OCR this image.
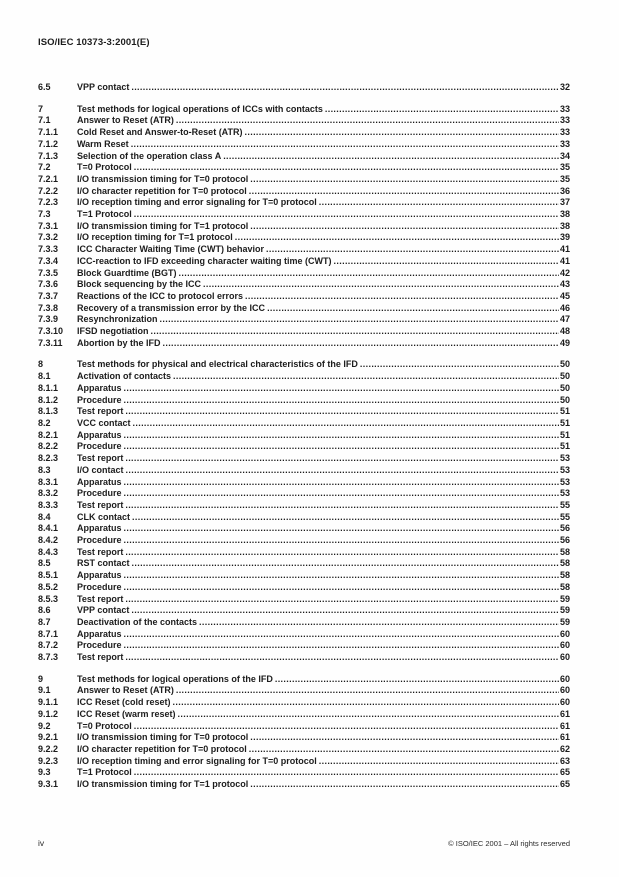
ISO/IEC 10373-3:2001(E)
6.5	VPP contact .....	32
7	Test methods for logical operations of ICCs with contacts .....	33
7.1	Answer to Reset (ATR) .....	33
7.1.1	Cold Reset and Answer-to-Reset (ATR) .....	33
7.1.2	Warm Reset .....	33
7.1.3	Selection of the operation class A .....	34
7.2	T=0 Protocol .....	35
7.2.1	I/O transmission timing for T=0 protocol .....	35
7.2.2	I/O character repetition for T=0 protocol .....	36
7.2.3	I/O reception timing and error signaling for T=0 protocol .....	37
7.3	T=1 Protocol .....	38
7.3.1	I/O transmission timing for T=1 protocol .....	38
7.3.2	I/O reception timing for T=1 protocol .....	39
7.3.3	ICC Character Waiting Time (CWT) behavior .....	41
7.3.4	ICC-reaction to IFD exceeding character waiting time (CWT) .....	41
7.3.5	Block Guardtime (BGT) .....	42
7.3.6	Block sequencing by the ICC .....	43
7.3.7	Reactions of the ICC to protocol errors .....	45
7.3.8	Recovery of a transmission error by the ICC .....	46
7.3.9	Resynchronization .....	47
7.3.10	IFSD negotiation .....	48
7.3.11	Abortion by the IFD .....	49
8	Test methods for physical and electrical characteristics of the IFD .....	50
8.1	Activation of contacts .....	50
8.1.1	Apparatus .....	50
8.1.2	Procedure .....	50
8.1.3	Test report .....	51
8.2	VCC contact .....	51
8.2.1	Apparatus .....	51
8.2.2	Procedure .....	51
8.2.3	Test report .....	53
8.3	I/O contact .....	53
8.3.1	Apparatus .....	53
8.3.2	Procedure .....	53
8.3.3	Test report .....	55
8.4	CLK contact .....	55
8.4.1	Apparatus .....	56
8.4.2	Procedure .....	56
8.4.3	Test report .....	58
8.5	RST contact .....	58
8.5.1	Apparatus .....	58
8.5.2	Procedure .....	58
8.5.3	Test report .....	59
8.6	VPP contact .....	59
8.7	Deactivation of the contacts .....	59
8.7.1	Apparatus .....	60
8.7.2	Procedure .....	60
8.7.3	Test report .....	60
9	Test methods for logical operations of the IFD .....	60
9.1	Answer to Reset (ATR) .....	60
9.1.1	ICC Reset (cold reset) .....	60
9.1.2	ICC Reset (warm reset) .....	61
9.2	T=0 Protocol .....	61
9.2.1	I/O transmission timing for T=0 protocol .....	61
9.2.2	I/O character repetition for T=0 protocol .....	62
9.2.3	I/O reception timing and error signaling for T=0 protocol .....	63
9.3	T=1 Protocol .....	65
9.3.1	I/O transmission timing for T=1 protocol .....	65
iv	© ISO/IEC 2001 – All rights reserved
